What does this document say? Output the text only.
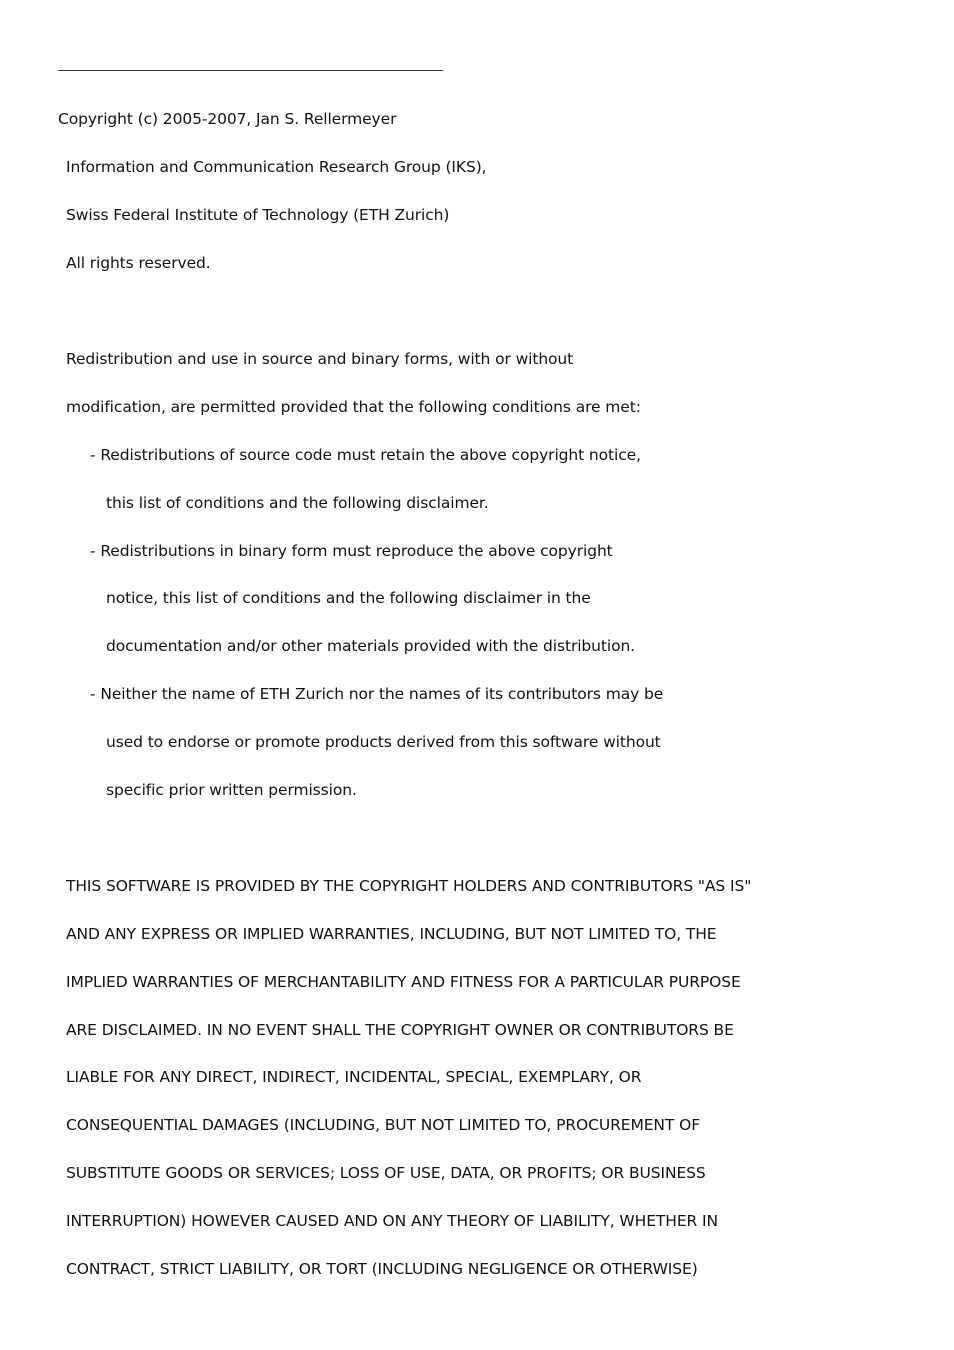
Copyright (c) 2005-2007, Jan S. Rellermeyer
Information and Communication Research Group (IKS),
Swiss Federal Institute of Technology (ETH Zurich)
All rights reserved.
Redistribution and use in source and binary forms, with or without
modification, are permitted provided that the following conditions are met:
- Redistributions of source code must retain the above copyright notice,
this list of conditions and the following disclaimer.
- Redistributions in binary form must reproduce the above copyright
notice, this list of conditions and the following disclaimer in the
documentation and/or other materials provided with the distribution.
- Neither the name of ETH Zurich nor the names of its contributors may be
used to endorse or promote products derived from this software without
specific prior written permission.
THIS SOFTWARE IS PROVIDED BY THE COPYRIGHT HOLDERS AND CONTRIBUTORS "AS IS"
AND ANY EXPRESS OR IMPLIED WARRANTIES, INCLUDING, BUT NOT LIMITED TO, THE
IMPLIED WARRANTIES OF MERCHANTABILITY AND FITNESS FOR A PARTICULAR PURPOSE
ARE DISCLAIMED. IN NO EVENT SHALL THE COPYRIGHT OWNER OR CONTRIBUTORS BE
LIABLE FOR ANY DIRECT, INDIRECT, INCIDENTAL, SPECIAL, EXEMPLARY, OR
CONSEQUENTIAL DAMAGES (INCLUDING, BUT NOT LIMITED TO, PROCUREMENT OF
SUBSTITUTE GOODS OR SERVICES; LOSS OF USE, DATA, OR PROFITS; OR BUSINESS
INTERRUPTION) HOWEVER CAUSED AND ON ANY THEORY OF LIABILITY, WHETHER IN
CONTRACT, STRICT LIABILITY, OR TORT (INCLUDING NEGLIGENCE OR OTHERWISE)
